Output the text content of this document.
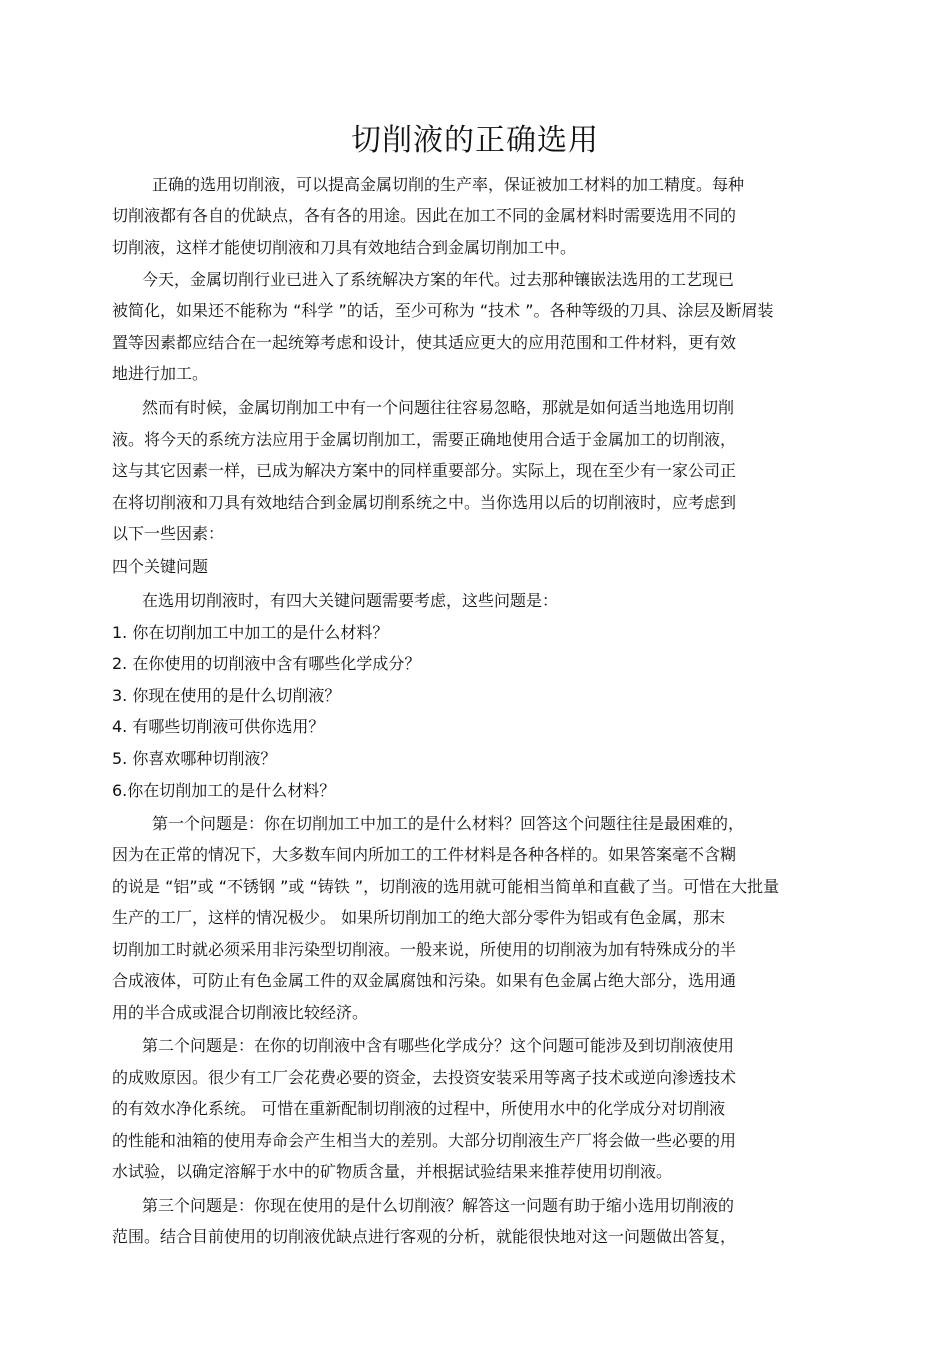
切削液的正确选用

正确的选用切削液，可以提高金属切削的生产率，保证被加工材料的加工精度。每种

切削液都有各自的优缺点，各有各的用途。因此在加工不同的金属材料时需要选用不同的

切削液，这样才能使切削液和刀具有效地结合到金属切削加工中。

今天，金属切削行业已进入了系统解决方案的年代。过去那种镶嵌法选用的工艺现已

被简化，如果还不能称为 “科学 ”的话，至少可称为 “技术 ”。各种等级的刀具、涂层及断屑装

置等因素都应结合在一起统筹考虑和设计，使其适应更大的应用范围和工件材料，更有效

地进行加工。

然而有时候，金属切削加工中有一个问题往往容易忽略，那就是如何适当地选用切削

液。将今天的系统方法应用于金属切削加工，需要正确地使用合适于金属加工的切削液，

这与其它因素一样，已成为解决方案中的同样重要部分。实际上，现在至少有一家公司正

在将切削液和刀具有效地结合到金属切削系统之中。当你选用以后的切削液时，应考虑到

以下一些因素：

四个关键问题

在选用切削液时，有四大关键问题需要考虑，这些问题是：

1. 你在切削加工中加工的是什么材料？

2. 在你使用的切削液中含有哪些化学成分？

3. 你现在使用的是什么切削液？

4. 有哪些切削液可供你选用？

5. 你喜欢哪种切削液？

6.你在切削加工的是什么材料？

第一个问题是：你在切削加工中加工的是什么材料？回答这个问题往往是最困难的，

因为在正常的情况下，大多数车间内所加工的工件材料是各种各样的。如果答案毫不含糊

的说是 “铝”或 “不锈钢 ”或 “铸铁 ”，切削液的选用就可能相当简单和直截了当。可惜在大批量

生产的工厂，这样的情况极少。 如果所切削加工的绝大部分零件为铝或有色金属，那末

切削加工时就必须采用非污染型切削液。一般来说，所使用的切削液为加有特殊成分的半

合成液体，可防止有色金属工件的双金属腐蚀和污染。如果有色金属占绝大部分，选用通

用的半合成或混合切削液比较经济。

第二个问题是：在你的切削液中含有哪些化学成分？这个问题可能涉及到切削液使用

的成败原因。很少有工厂会花费必要的资金，去投资安装采用等离子技术或逆向渗透技术

的有效水净化系统。 可惜在重新配制切削液的过程中，所使用水中的化学成分对切削液

的性能和油箱的使用寿命会产生相当大的差别。大部分切削液生产厂将会做一些必要的用

水试验，以确定溶解于水中的矿物质含量，并根据试验结果来推荐使用切削液。

第三个问题是：你现在使用的是什么切削液？解答这一问题有助于缩小选用切削液的

范围。结合目前使用的切削液优缺点进行客观的分析，就能很快地对这一问题做出答复，
